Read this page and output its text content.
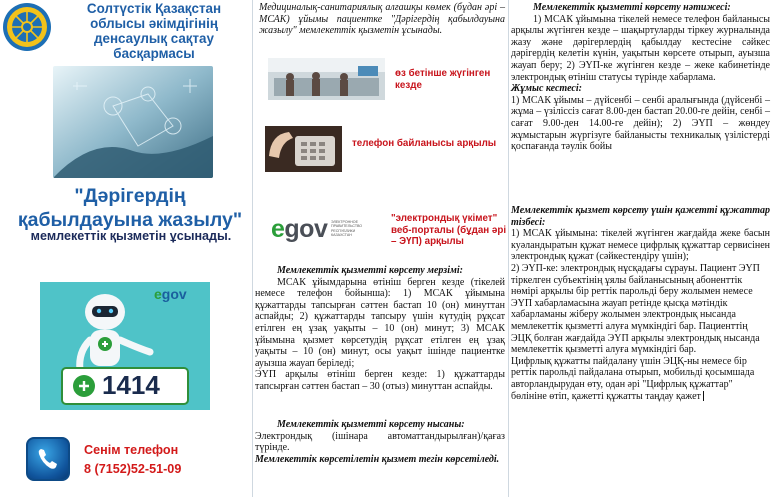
Солтүстік Қазақстан облысы әкімдігінің денсаулық сақтау басқармасы
"Дәрігердің қабылдауына жазылу"
мемлекеттік қызметін ұсынады.
egov
1414
Сенім телефон
8 (7152)52-51-09
Медициналық-санитариялық алғашқы көмек (бұдан әрі – МСАК) ұйымы пациентке "Дәрігердің қабылдауына жазылу" мемлекеттік қызметін ұсынады.
өз бетінше жүгінген кезде
телефон байланысы арқылы
egov	ЭЛЕКТРОННОЕ ПРАВИТЕЛЬСТВО РЕСПУБЛИКИ КАЗАХСТАН
"электрондық үкімет" веб-порталы (бұдан әрі – ЭҮП) арқылы
Мемлекеттік қызметті көрсету мерзімі:
МСАК ұйымдарына өтініш берген кезде (тікелей немесе телефон бойынша): 1) МСАК ұйымына құжаттарды тапсырған сәттен бастап 10 (он) минуттан аспайды; 2) құжаттарды тапсыру үшін күтудің рұқсат етілген ең ұзақ уақыты – 10 (он) минут; 3) МСАК ұйымына қызмет көрсетудің рұқсат етілген ең ұзақ уақыты – 10 (он) минут, осы уақыт ішінде пациентке ауызша жауап беріледі;
ЭҮП арқылы өтініш берген кезде: 1) құжаттарды тапсырған сәттен бастап – 30 (отыз) минуттан аспайды.
Мемлекеттік қызметті көрсету нысаны:
Электрондық (ішінара автоматтандырылған)/қағаз түрінде.
Мемлекеттік көрсетілетін қызмет тегін көрсетіледі.
Мемлекеттік қызметті көрсету нәтижесі:
1) МСАК ұйымына тікелей немесе телефон байланысы арқылы жүгінген кезде – шақыртуларды тіркеу журналында жазу және дәрігерлердің қабылдау кестесіне сәйкес дәрігердің келетін күнін, уақытын көрсете отырып, ауызша жауап беру; 2) ЭҮП-ке жүгінген кезде – жеке кабинетінде электрондық өтініш статусы түрінде хабарлама.
Жұмыс кестесі:
1) МСАК ұйымы – дүйсенбі – сенбі аралығында (дүйсенбі – жұма – үзіліссіз сағат 8.00-ден бастап 20.00-ге дейін, сенбі – сағат 9.00-ден 14.00-ге дейін); 2) ЭҮП – жөндеу жұмыстарын жүргізуге байланысты техникалық үзілістерді қоспағанда тәулік бойы
Мемлекеттік қызмет көрсету үшін қажетті құжаттар тізбесі:
1) МСАК ұйымына: тікелей жүгінген жағдайда жеке басын куәландыратын құжат немесе цифрлық құжаттар сервисінен электрондық құжат (сәйкестендіру үшін);
2) ЭҮП-ке: электрондық нұсқадағы сұрауы. Пациент ЭҮП тіркелген субъектінің ұялы байланысының абоненттік нөмірі арқылы бір реттік парольді беру жолымен немесе ЭҮП хабарламасына жауап ретінде қысқа мәтіндік хабарламаны жіберу жолымен электрондық нысанда мемлекеттік қызметті алуға мүмкіндігі бар. Пациенттің ЭЦҚ болған жағдайда ЭҮП арқылы электрондық нысанда мемлекеттік қызметті алуға мүмкіндігі бар.
Цифрлық құжатты пайдалану үшін ЭЦҚ-ны немесе бір реттік парольді пайдалана отырып, мобильді қосымшада авторландырудан өту, одан әрі "Цифрлық құжаттар" бөлініне өтіп, қажетті құжатты таңдау қажет
